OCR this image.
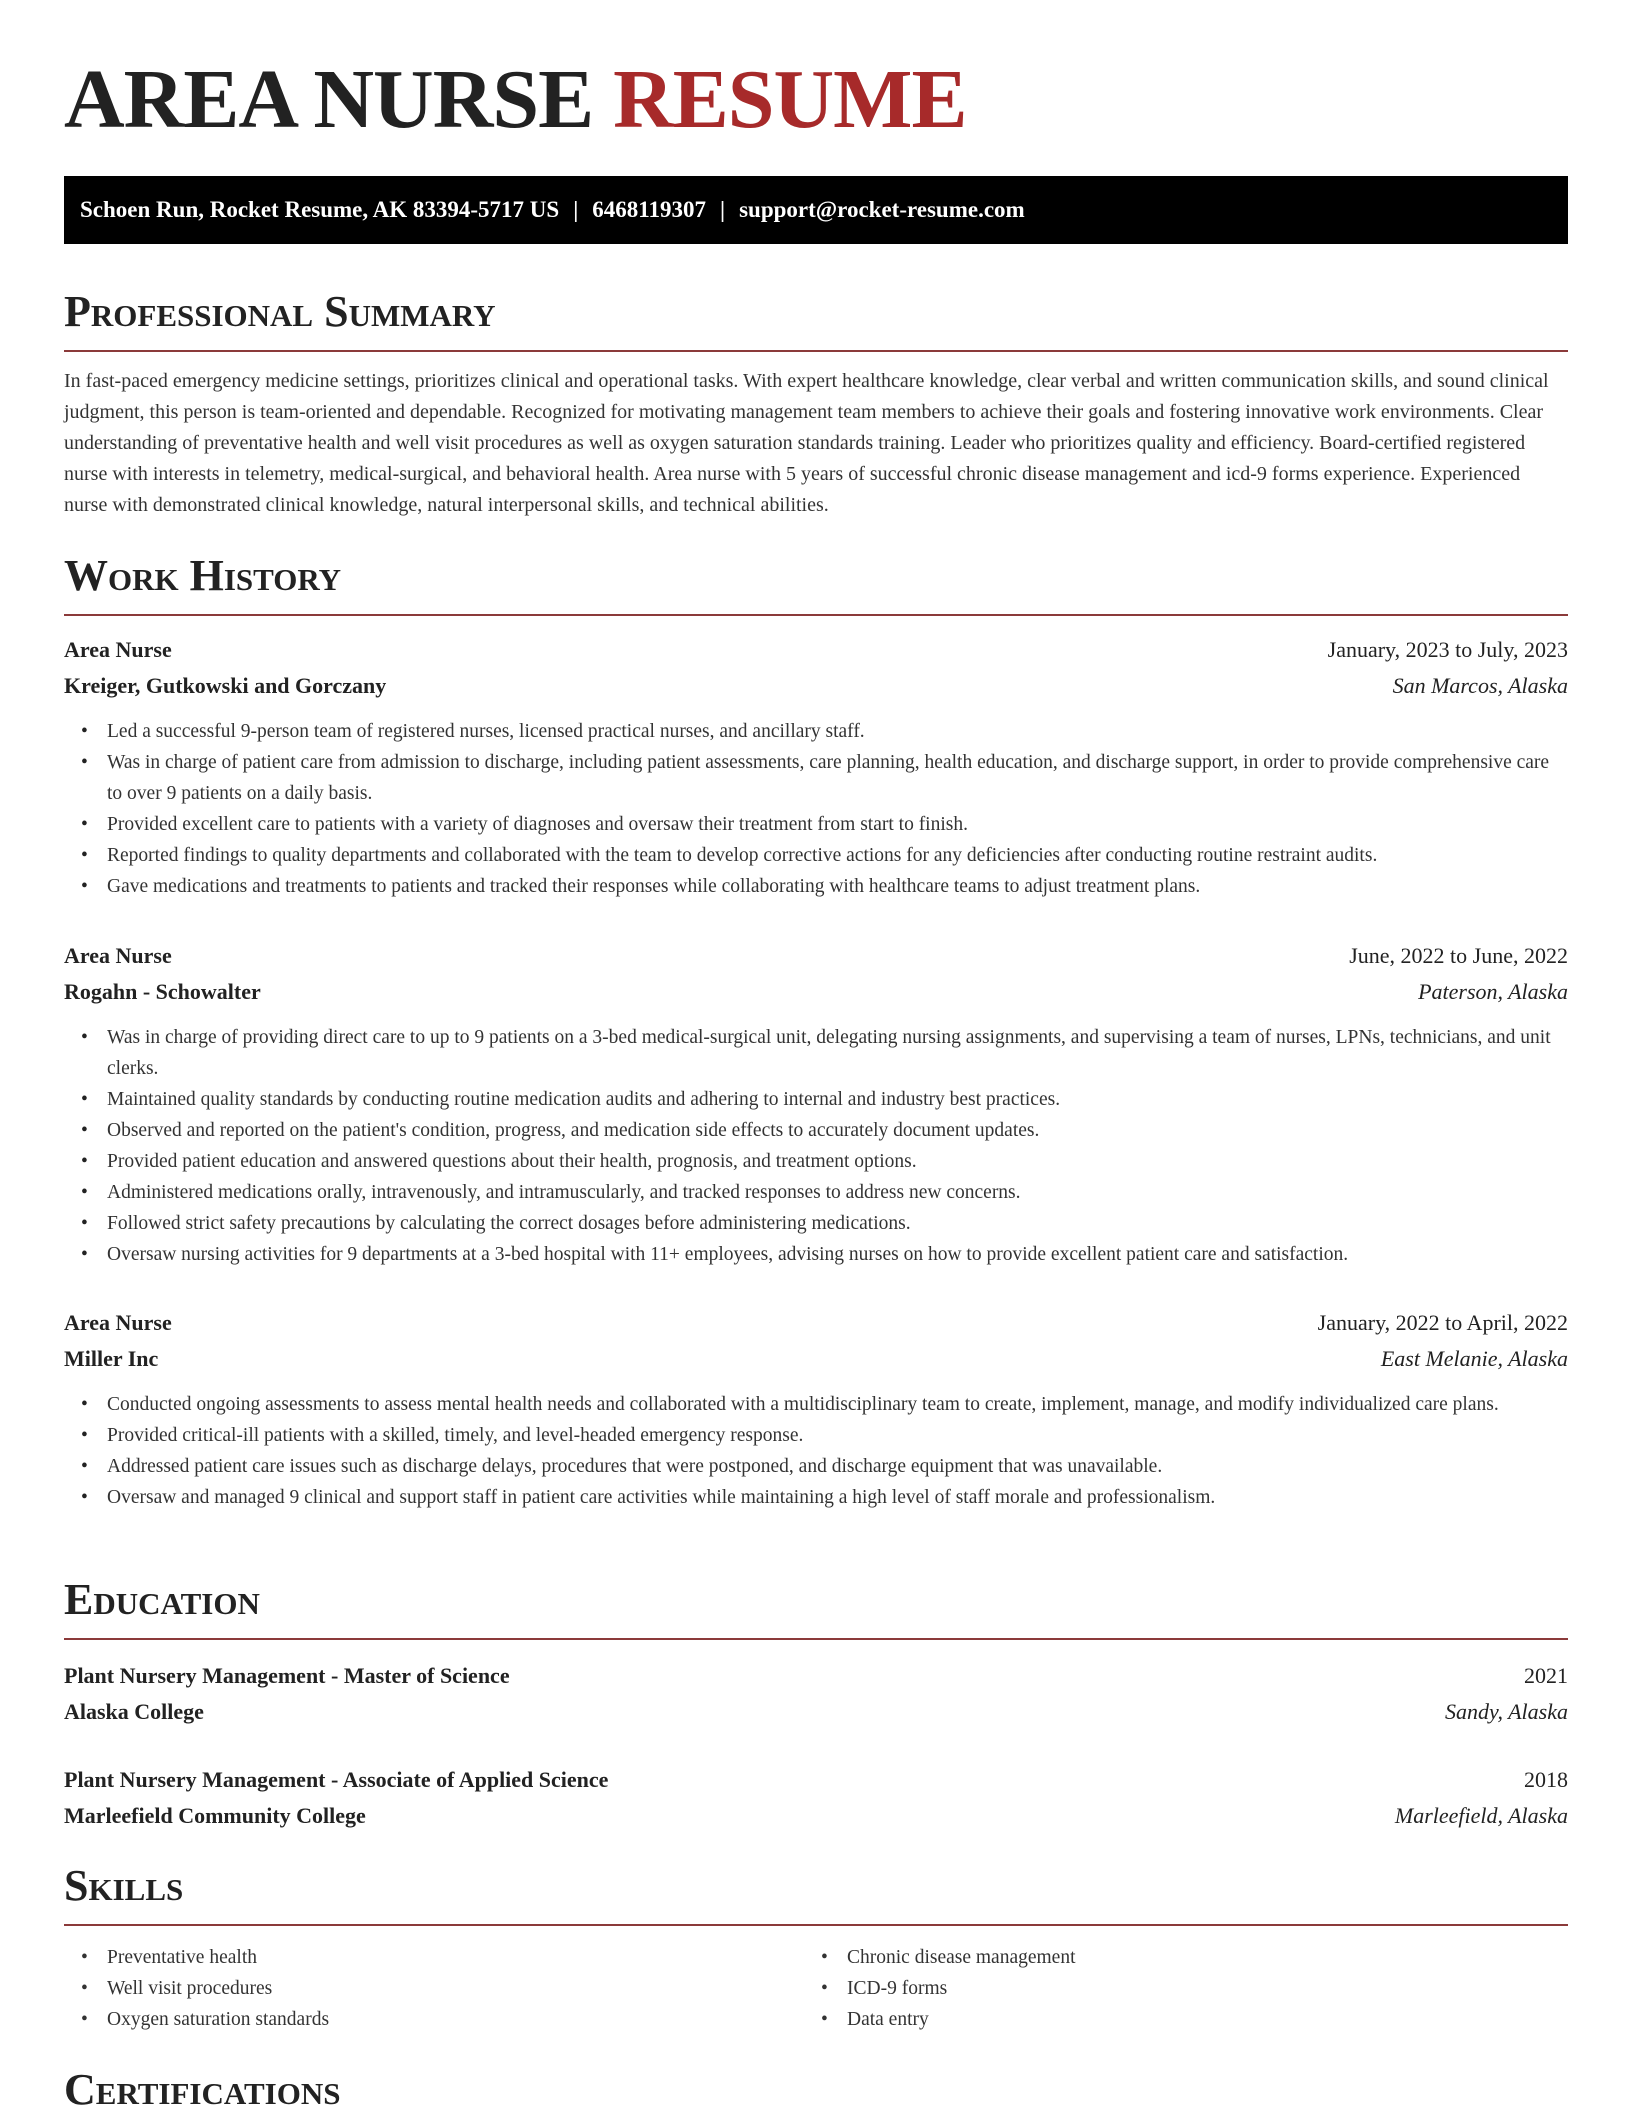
AREA NURSE RESUME
Schoen Run, Rocket Resume, AK 83394-5717 US | 6468119307 | support@rocket-resume.com
Professional Summary
In fast-paced emergency medicine settings, prioritizes clinical and operational tasks. With expert healthcare knowledge, clear verbal and written communication skills, and sound clinical judgment, this person is team-oriented and dependable. Recognized for motivating management team members to achieve their goals and fostering innovative work environments. Clear understanding of preventative health and well visit procedures as well as oxygen saturation standards training. Leader who prioritizes quality and efficiency. Board-certified registered nurse with interests in telemetry, medical-surgical, and behavioral health. Area nurse with 5 years of successful chronic disease management and icd-9 forms experience. Experienced nurse with demonstrated clinical knowledge, natural interpersonal skills, and technical abilities.
Work History
Area Nurse	January, 2023 to July, 2023
Kreiger, Gutkowski and Gorczany	San Marcos, Alaska
• Led a successful 9-person team of registered nurses, licensed practical nurses, and ancillary staff.
• Was in charge of patient care from admission to discharge, including patient assessments, care planning, health education, and discharge support, in order to provide comprehensive care to over 9 patients on a daily basis.
• Provided excellent care to patients with a variety of diagnoses and oversaw their treatment from start to finish.
• Reported findings to quality departments and collaborated with the team to develop corrective actions for any deficiencies after conducting routine restraint audits.
• Gave medications and treatments to patients and tracked their responses while collaborating with healthcare teams to adjust treatment plans.
Area Nurse	June, 2022 to June, 2022
Rogahn - Schowalter	Paterson, Alaska
• Was in charge of providing direct care to up to 9 patients on a 3-bed medical-surgical unit, delegating nursing assignments, and supervising a team of nurses, LPNs, technicians, and unit clerks.
• Maintained quality standards by conducting routine medication audits and adhering to internal and industry best practices.
• Observed and reported on the patient's condition, progress, and medication side effects to accurately document updates.
• Provided patient education and answered questions about their health, prognosis, and treatment options.
• Administered medications orally, intravenously, and intramuscularly, and tracked responses to address new concerns.
• Followed strict safety precautions by calculating the correct dosages before administering medications.
• Oversaw nursing activities for 9 departments at a 3-bed hospital with 11+ employees, advising nurses on how to provide excellent patient care and satisfaction.
Area Nurse	January, 2022 to April, 2022
Miller Inc	East Melanie, Alaska
• Conducted ongoing assessments to assess mental health needs and collaborated with a multidisciplinary team to create, implement, manage, and modify individualized care plans.
• Provided critical-ill patients with a skilled, timely, and level-headed emergency response.
• Addressed patient care issues such as discharge delays, procedures that were postponed, and discharge equipment that was unavailable.
• Oversaw and managed 9 clinical and support staff in patient care activities while maintaining a high level of staff morale and professionalism.
Education
Plant Nursery Management - Master of Science	2021
Alaska College	Sandy, Alaska
Plant Nursery Management - Associate of Applied Science	2018
Marleefield Community College	Marleefield, Alaska
Skills
• Preventative health
• Well visit procedures
• Oxygen saturation standards
• Chronic disease management
• ICD-9 forms
• Data entry
Certifications
